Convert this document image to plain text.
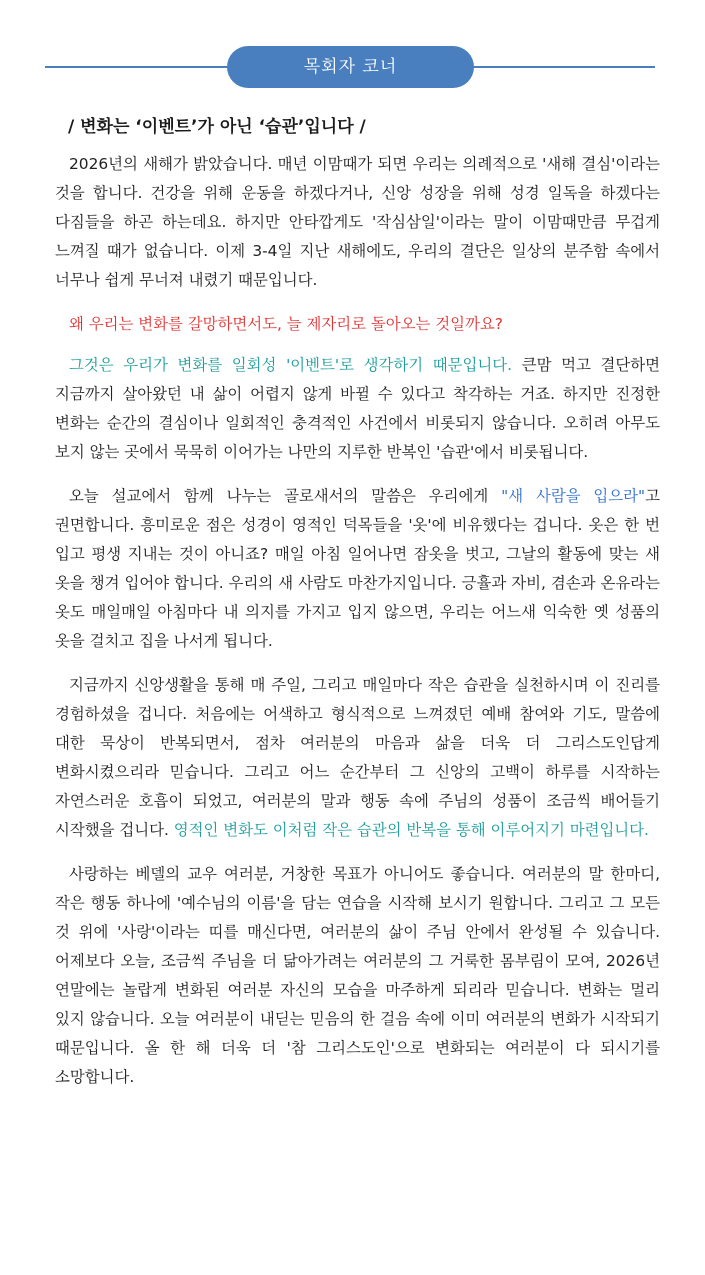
목회자 코너
/ 변화는 ‘이벤트’가 아닌 ‘습관’입니다 /

2026년의 새해가 밝았습니다. 매년 이맘때가 되면 우리는 의례적으로 '새해 결심'이라는 것을 합니다. 건강을 위해 운동을 하겠다거나, 신앙 성장을 위해 성경 일독을 하겠다는 다짐들을 하곤 하는데요. 하지만 안타깝게도 '작심삼일'이라는 말이 이맘때만큼 무겁게 느껴질 때가 없습니다. 이제 3-4일 지난 새해에도, 우리의 결단은 일상의 분주함 속에서 너무나 쉽게 무너져 내렸기 때문입니다.

왜 우리는 변화를 갈망하면서도, 늘 제자리로 돌아오는 것일까요?

그것은 우리가 변화를 일회성 '이벤트'로 생각하기 때문입니다. 큰맘 먹고 결단하면 지금까지 살아왔던 내 삶이 어렵지 않게 바뀔 수 있다고 착각하는 거죠. 하지만 진정한 변화는 순간의 결심이나 일회적인 충격적인 사건에서 비롯되지 않습니다. 오히려 아무도 보지 않는 곳에서 묵묵히 이어가는 나만의 지루한 반복인 '습관'에서 비롯됩니다.

오늘 설교에서 함께 나누는 골로새서의 말씀은 우리에게 "새 사람을 입으라"고 권면합니다. 흥미로운 점은 성경이 영적인 덕목들을 '옷'에 비유했다는 겁니다. 옷은 한 번 입고 평생 지내는 것이 아니죠? 매일 아침 일어나면 잠옷을 벗고, 그날의 활동에 맞는 새 옷을 챙겨 입어야 합니다. 우리의 새 사람도 마찬가지입니다. 긍휼과 자비, 겸손과 온유라는 옷도 매일매일 아침마다 내 의지를 가지고 입지 않으면, 우리는 어느새 익숙한 옛 성품의 옷을 걸치고 집을 나서게 됩니다.

지금까지 신앙생활을 통해 매 주일, 그리고 매일마다 작은 습관을 실천하시며 이 진리를 경험하셨을 겁니다. 처음에는 어색하고 형식적으로 느껴졌던 예배 참여와 기도, 말씀에 대한 묵상이 반복되면서, 점차 여러분의 마음과 삶을 더욱 더 그리스도인답게 변화시켰으리라 믿습니다. 그리고 어느 순간부터 그 신앙의 고백이 하루를 시작하는 자연스러운 호흡이 되었고, 여러분의 말과 행동 속에 주님의 성품이 조금씩 배어들기 시작했을 겁니다. 영적인 변화도 이처럼 작은 습관의 반복을 통해 이루어지기 마련입니다.

사랑하는 베델의 교우 여러분, 거창한 목표가 아니어도 좋습니다. 여러분의 말 한마디, 작은 행동 하나에 '예수님의 이름'을 담는 연습을 시작해 보시기 원합니다. 그리고 그 모든 것 위에 '사랑'이라는 띠를 매신다면, 여러분의 삶이 주님 안에서 완성될 수 있습니다. 어제보다 오늘, 조금씩 주님을 더 닮아가려는 여러분의 그 거룩한 몸부림이 모여, 2026년 연말에는 놀랍게 변화된 여러분 자신의 모습을 마주하게 되리라 믿습니다. 변화는 멀리 있지 않습니다. 오늘 여러분이 내딛는 믿음의 한 걸음 속에 이미 여러분의 변화가 시작되기 때문입니다. 올 한 해 더욱 더 '참 그리스도인'으로 변화되는 여러분이 다 되시기를 소망합니다.
